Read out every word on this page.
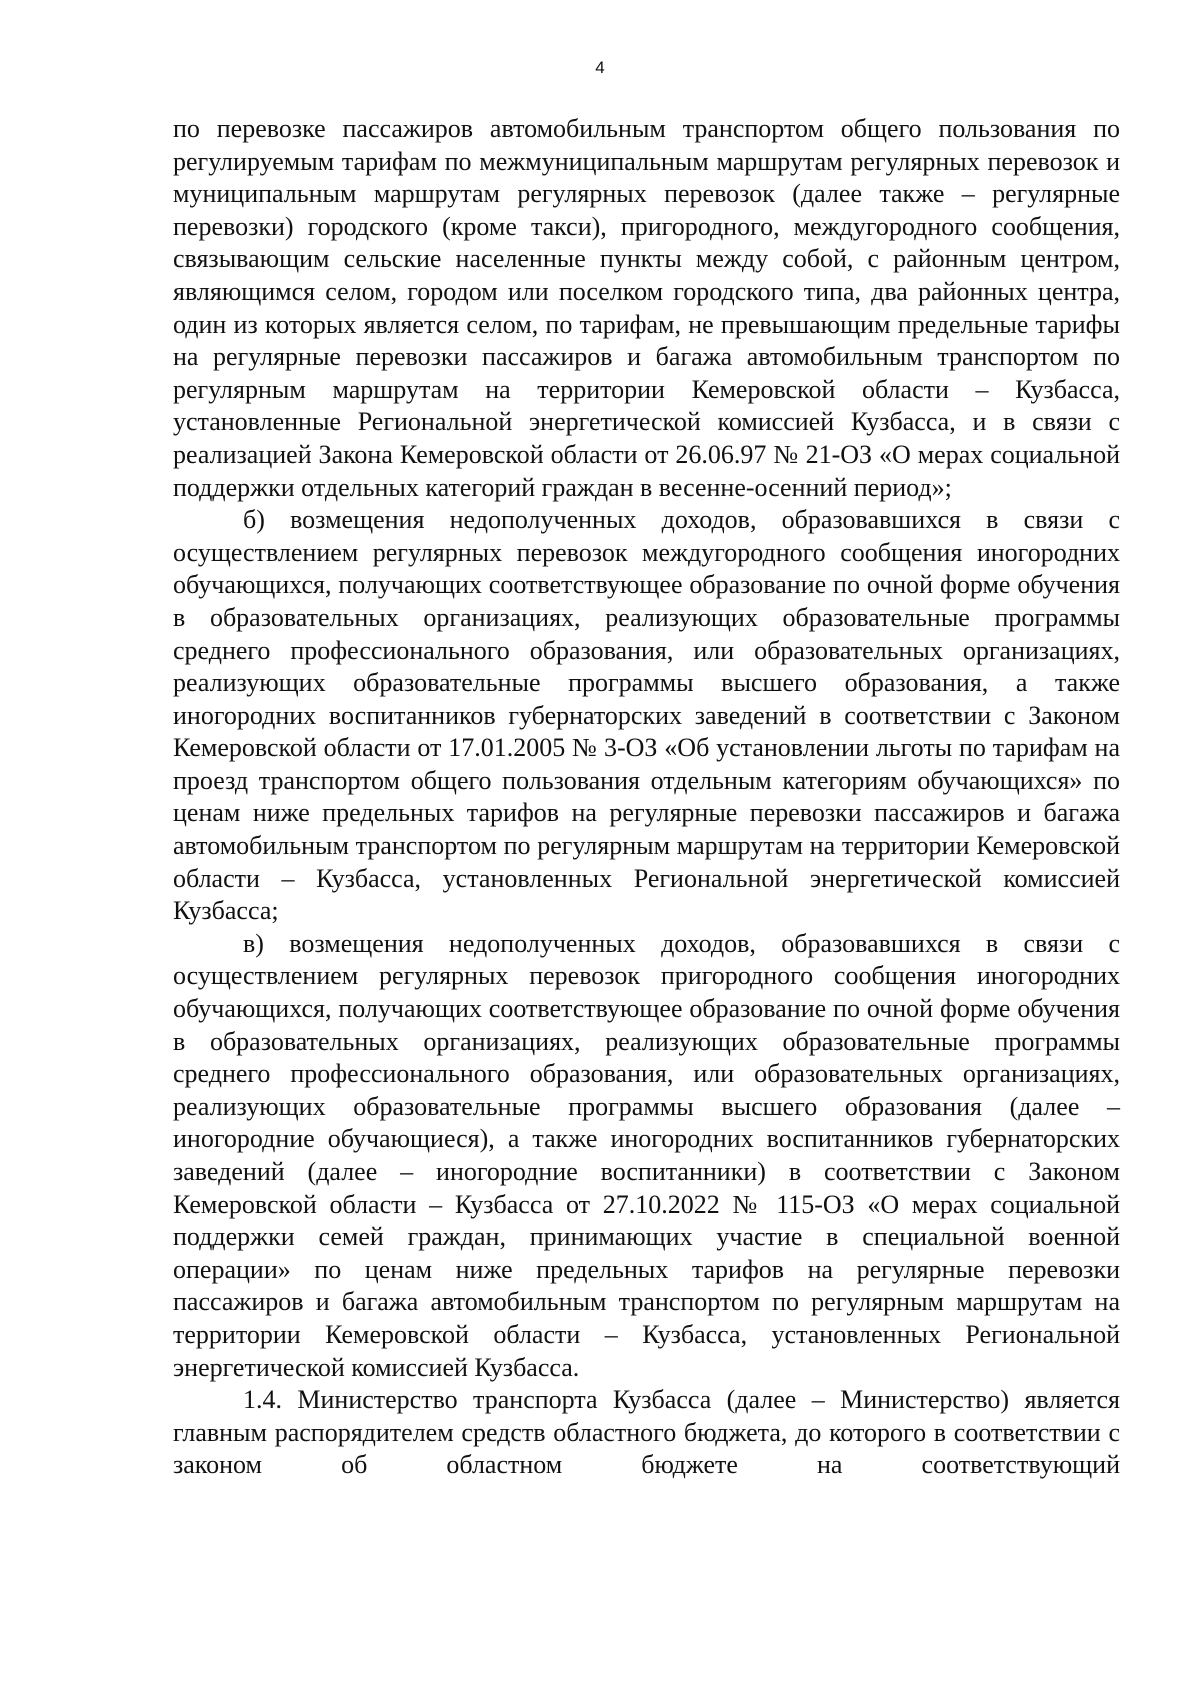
4

по перевозке пассажиров автомобильным транспортом общего пользования по регулируемым тарифам по межмуниципальным маршрутам регулярных перевозок и муниципальным маршрутам регулярных перевозок (далее также – регулярные перевозки) городского (кроме такси), пригородного, междугородного сообщения, связывающим сельские населенные пункты между собой, с районным центром, являющимся селом, городом или поселком городского типа, два районных центра, один из которых является селом, по тарифам, не превышающим предельные тарифы на регулярные перевозки пассажиров и багажа автомобильным транспортом по регулярным маршрутам на территории Кемеровской области – Кузбасса, установленные Региональной энергетической комиссией Кузбасса, и в связи с реализацией Закона Кемеровской области от 26.06.97 № 21-ОЗ «О мерах социальной поддержки отдельных категорий граждан в весенне-осенний период»;

б) возмещения недополученных доходов, образовавшихся в связи с осуществлением регулярных перевозок междугородного сообщения иногородних обучающихся, получающих соответствующее образование по очной форме обучения в образовательных организациях, реализующих образовательные программы среднего профессионального образования, или образовательных организациях, реализующих образовательные программы высшего образования, а также иногородних воспитанников губернаторских заведений в соответствии с Законом Кемеровской области от 17.01.2005 № 3-ОЗ «Об установлении льготы по тарифам на проезд транспортом общего пользования отдельным категориям обучающихся» по ценам ниже предельных тарифов на регулярные перевозки пассажиров и багажа автомобильным транспортом по регулярным маршрутам на территории Кемеровской области – Кузбасса, установленных Региональной энергетической комиссией Кузбасса;

в) возмещения недополученных доходов, образовавшихся в связи с осуществлением регулярных перевозок пригородного сообщения иногородних обучающихся, получающих соответствующее образование по очной форме обучения в образовательных организациях, реализующих образовательные программы среднего профессионального образования, или образовательных организациях, реализующих образовательные программы высшего образования (далее – иногородние обучающиеся), а также иногородних воспитанников губернаторских заведений (далее – иногородние воспитанники) в соответствии с Законом Кемеровской области – Кузбасса от 27.10.2022 № 115-ОЗ «О мерах социальной поддержки семей граждан, принимающих участие в специальной военной операции» по ценам ниже предельных тарифов на регулярные перевозки пассажиров и багажа автомобильным транспортом по регулярным маршрутам на территории Кемеровской области – Кузбасса, установленных Региональной энергетической комиссией Кузбасса.

1.4. Министерство транспорта Кузбасса (далее – Министерство) является главным распорядителем средств областного бюджета, до которого в соответствии с законом об областном бюджете на соответствующий
